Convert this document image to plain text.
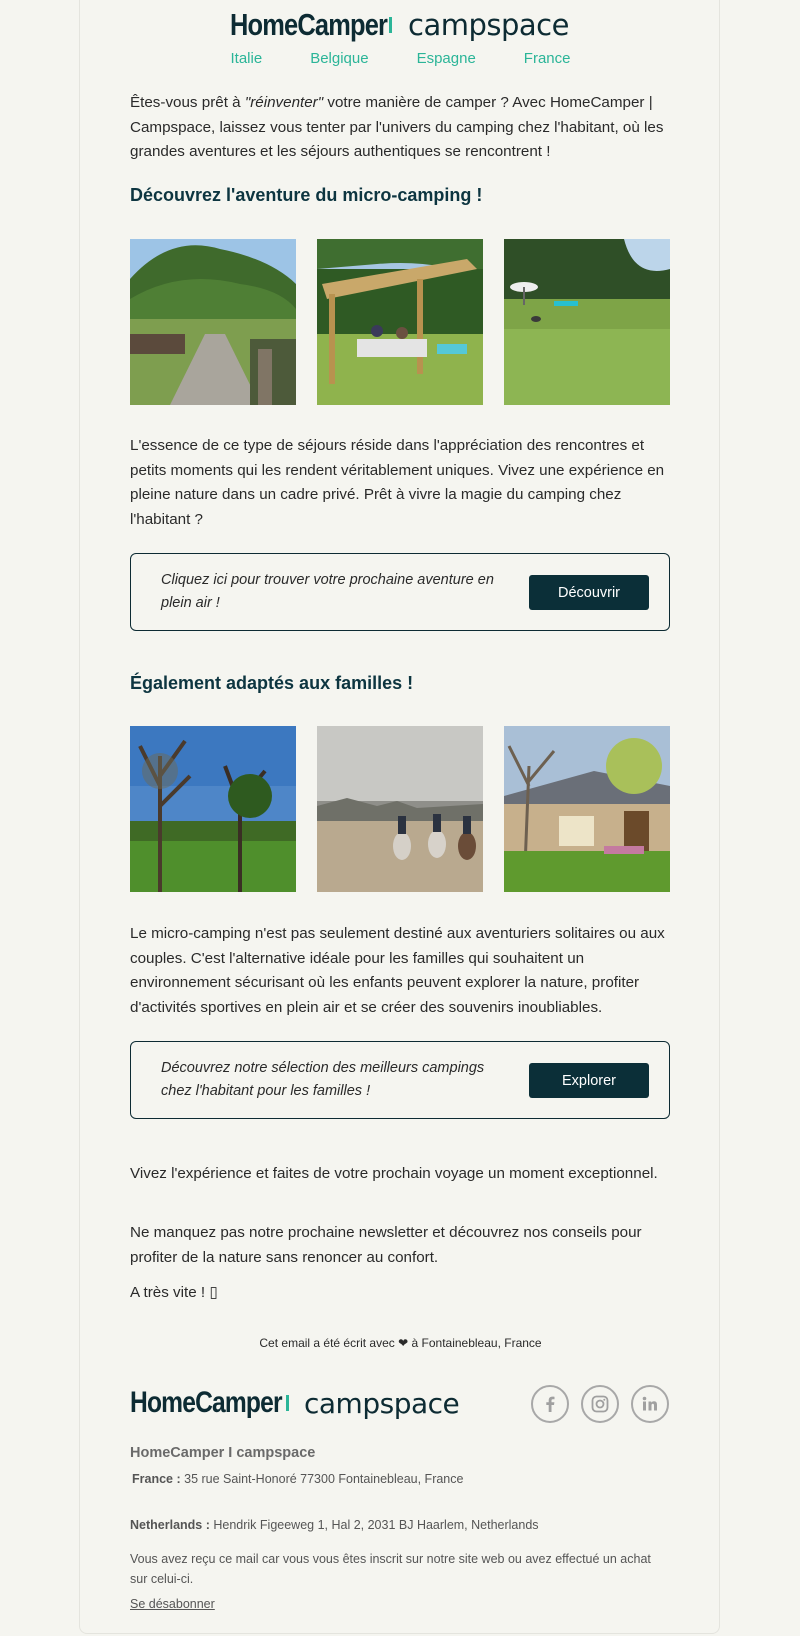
HomeCamper campspace
Italie	Belgique	Espagne	France

Êtes-vous prêt à "réinventer" votre manière de camper ? Avec HomeCamper | Campspace, laissez vous tenter par l'univers du camping chez l'habitant, où les grandes aventures et les séjours authentiques se rencontrent !

Découvrez l'aventure du micro-camping !

L'essence de ce type de séjours réside dans l'appréciation des rencontres et petits moments qui les rendent véritablement uniques. Vivez une expérience en pleine nature dans un cadre privé. Prêt à vivre la magie du camping chez l'habitant ?

Cliquez ici pour trouver votre prochaine aventure en plein air !
Découvrir
Également adaptés aux familles !

Le micro-camping n'est pas seulement destiné aux aventuriers solitaires ou aux couples. C'est l'alternative idéale pour les familles qui souhaitent un environnement sécurisant où les enfants peuvent explorer la nature, profiter d'activités sportives en plein air et se créer des souvenirs inoubliables.

Découvrez notre sélection des meilleurs campings chez l'habitant pour les familles !
Explorer

Vivez l'expérience et faites de votre prochain voyage un moment exceptionnel.

Ne manquez pas notre prochaine newsletter et découvrez nos conseils pour profiter de la nature sans renoncer au confort.

A très vite ! ▯

Cet email a été écrit avec ❤ à Fontainebleau, France
HomeCamper campspace
HomeCamper I campspace
France : 35 rue Saint-Honoré 77300 Fontainebleau, France
Netherlands : Hendrik Figeeweg 1, Hal 2, 2031 BJ Haarlem, Netherlands
Vous avez reçu ce mail car vous vous êtes inscrit sur notre site web ou avez effectué un achat sur celui-ci.
Se désabonner
